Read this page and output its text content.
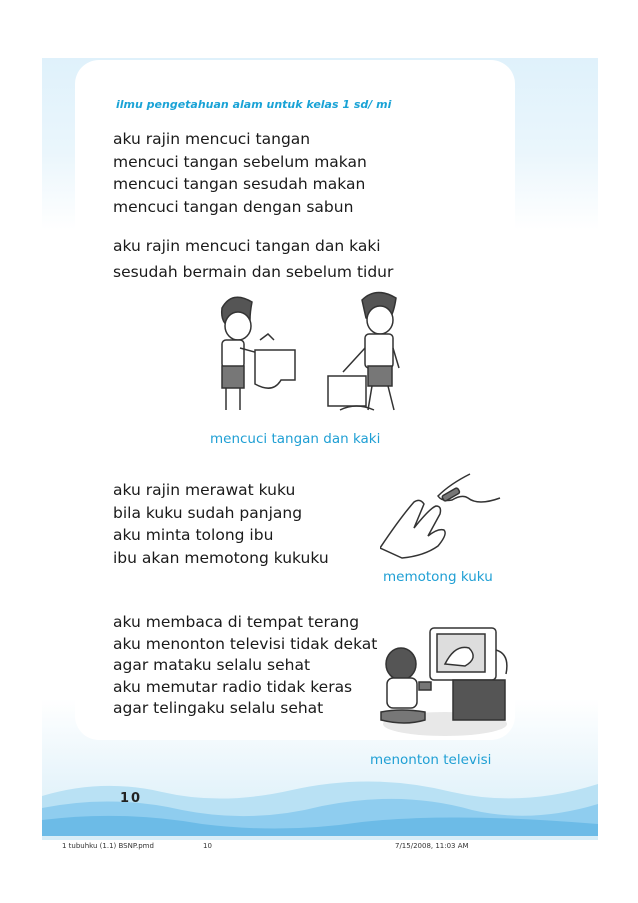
ilmu pengetahuan alam untuk kelas 1 sd/ mi
aku rajin mencuci tangan
mencuci tangan sebelum makan
mencuci tangan sesudah makan
mencuci tangan dengan sabun
aku rajin mencuci tangan dan kaki
sesudah bermain dan sebelum tidur
mencuci tangan dan kaki
aku rajin merawat kuku
bila kuku sudah panjang
aku minta tolong ibu
ibu akan memotong kukuku
memotong kuku
aku membaca di tempat terang
aku menonton televisi tidak dekat
agar mataku selalu sehat
aku memutar radio tidak keras
agar telingaku selalu sehat
menonton televisi
10
1 tubuhku (1.1) BSNP.pmd	10	7/15/2008, 11:03 AM
